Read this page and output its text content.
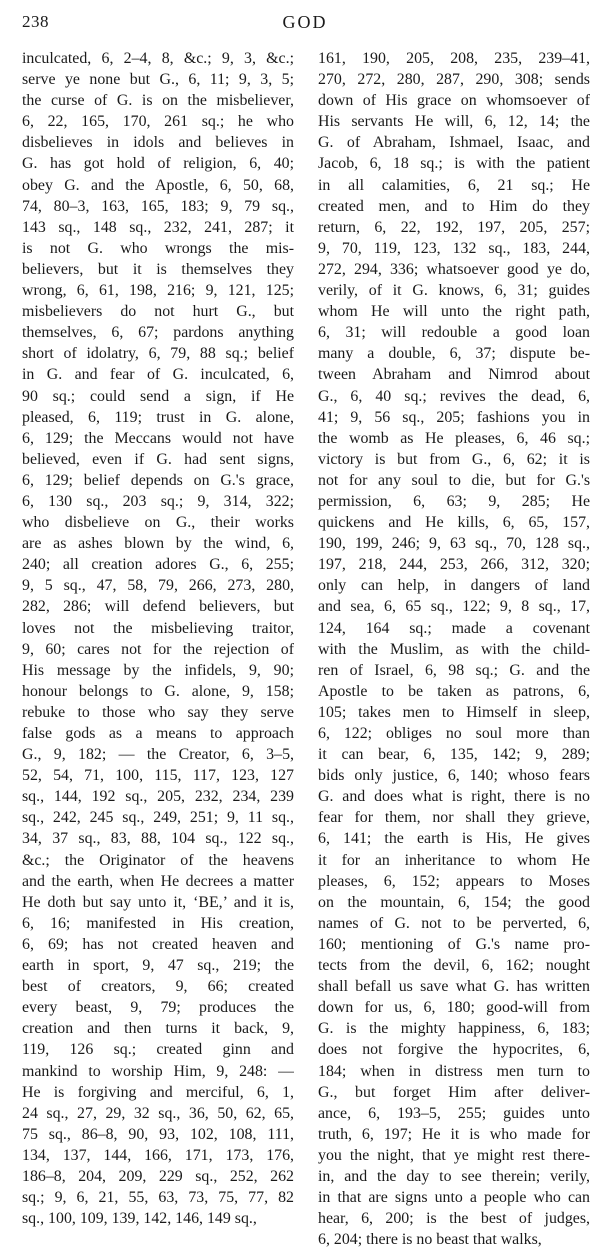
238	GOD
inculcated, 6, 2–4, 8, &c.; 9, 3, &c.;
serve ye none but G., 6, 11; 9, 3, 5;
the curse of G. is on the misbeliever,
6, 22, 165, 170, 261 sq.; he who
disbelieves in idols and believes in
G. has got hold of religion, 6, 40;
obey G. and the Apostle, 6, 50, 68,
74, 80–3, 163, 165, 183; 9, 79 sq.,
143 sq., 148 sq., 232, 241, 287; it
is not G. who wrongs the mis-
believers, but it is themselves they
wrong, 6, 61, 198, 216; 9, 121, 125;
misbelievers do not hurt G., but
themselves, 6, 67; pardons anything
short of idolatry, 6, 79, 88 sq.; belief
in G. and fear of G. inculcated, 6,
90 sq.; could send a sign, if He
pleased, 6, 119; trust in G. alone,
6, 129; the Meccans would not have
believed, even if G. had sent signs,
6, 129; belief depends on G.'s grace,
6, 130 sq., 203 sq.; 9, 314, 322;
who disbelieve on G., their works
are as ashes blown by the wind, 6,
240; all creation adores G., 6, 255;
9, 5 sq., 47, 58, 79, 266, 273, 280,
282, 286; will defend believers, but
loves not the misbelieving traitor,
9, 60; cares not for the rejection of
His message by the infidels, 9, 90;
honour belongs to G. alone, 9, 158;
rebuke to those who say they serve
false gods as a means to approach
G., 9, 182; — the Creator, 6, 3–5,
52, 54, 71, 100, 115, 117, 123, 127
sq., 144, 192 sq., 205, 232, 234, 239
sq., 242, 245 sq., 249, 251; 9, 11 sq.,
34, 37 sq., 83, 88, 104 sq., 122 sq.,
&c.; the Originator of the heavens
and the earth, when He decrees a matter
He doth but say unto it, ‘BE,’ and it is,
6, 16; manifested in His creation,
6, 69; has not created heaven and
earth in sport, 9, 47 sq., 219; the
best of creators, 9, 66; created
every beast, 9, 79; produces the
creation and then turns it back, 9,
119, 126 sq.; created ginn and
mankind to worship Him, 9, 248: —
He is forgiving and merciful, 6, 1,
24 sq., 27, 29, 32 sq., 36, 50, 62, 65,
75 sq., 86–8, 90, 93, 102, 108, 111,
134, 137, 144, 166, 171, 173, 176,
186–8, 204, 209, 229 sq., 252, 262
sq.; 9, 6, 21, 55, 63, 73, 75, 77, 82
sq., 100, 109, 139, 142, 146, 149 sq.,
161, 190, 205, 208, 235, 239–41,
270, 272, 280, 287, 290, 308; sends
down of His grace on whomsoever of
His servants He will, 6, 12, 14; the
G. of Abraham, Ishmael, Isaac, and
Jacob, 6, 18 sq.; is with the patient
in all calamities, 6, 21 sq.; He
created men, and to Him do they
return, 6, 22, 192, 197, 205, 257;
9, 70, 119, 123, 132 sq., 183, 244,
272, 294, 336; whatsoever good ye do,
verily, of it G. knows, 6, 31; guides
whom He will unto the right path,
6, 31; will redouble a good loan
many a double, 6, 37; dispute be-
tween Abraham and Nimrod about
G., 6, 40 sq.; revives the dead, 6,
41; 9, 56 sq., 205; fashions you in
the womb as He pleases, 6, 46 sq.;
victory is but from G., 6, 62; it is
not for any soul to die, but for G.'s
permission, 6, 63; 9, 285; He
quickens and He kills, 6, 65, 157,
190, 199, 246; 9, 63 sq., 70, 128 sq.,
197, 218, 244, 253, 266, 312, 320;
only can help, in dangers of land
and sea, 6, 65 sq., 122; 9, 8 sq., 17,
124, 164 sq.; made a covenant
with the Muslim, as with the child-
ren of Israel, 6, 98 sq.; G. and the
Apostle to be taken as patrons, 6,
105; takes men to Himself in sleep,
6, 122; obliges no soul more than
it can bear, 6, 135, 142; 9, 289;
bids only justice, 6, 140; whoso fears
G. and does what is right, there is no
fear for them, nor shall they grieve,
6, 141; the earth is His, He gives
it for an inheritance to whom He
pleases, 6, 152; appears to Moses
on the mountain, 6, 154; the good
names of G. not to be perverted, 6,
160; mentioning of G.'s name pro-
tects from the devil, 6, 162; nought
shall befall us save what G. has written
down for us, 6, 180; good-will from
G. is the mighty happiness, 6, 183;
does not forgive the hypocrites, 6,
184; when in distress men turn to
G., but forget Him after deliver-
ance, 6, 193–5, 255; guides unto
truth, 6, 197; He it is who made for
you the night, that ye might rest there-
in, and the day to see therein; verily,
in that are signs unto a people who can
hear, 6, 200; is the best of judges,
6, 204; there is no beast that walks,
